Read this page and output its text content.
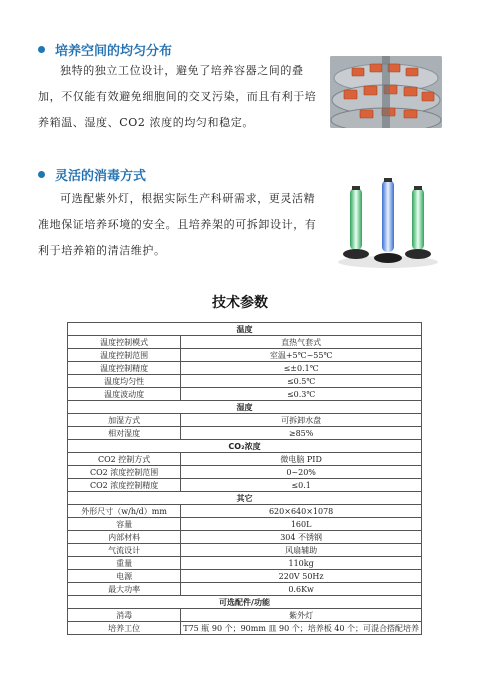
培养空间的均匀分布
独特的独立工位设计，避免了培养容器之间的叠加，不仅能有效避免细胞间的交叉污染，而且有利于培养箱温、湿度、CO2 浓度的均匀和稳定。
灵活的消毒方式
可选配紫外灯，根据实际生产科研需求，更灵活精准地保证培养环境的安全。且培养架的可拆卸设计，有利于培养箱的清洁维护。
技术参数
温度	
温度控制模式	直热气套式
温度控制范围	室温+5℃~55℃
温度控制精度	≤±0.1℃
温度均匀性	≤0.5℃
温度波动度	≤0.3℃
湿度	
加湿方式	可拆卸水盘
相对湿度	≥85%
CO₂浓度	
CO2 控制方式	微电脑 PID
CO2 浓度控制范围	0~20%
CO2 浓度控制精度	≤0.1
其它	
外形尺寸（w/h/d）mm	620×640×1078
容量	160L
内部材料	304 不锈钢
气流设计	风扇辅助
重量	110kg
电源	220V 50Hz
最大功率	0.6Kw
可选配件/功能	
消毒	紫外灯
培养工位	T75 瓶 90 个；90mm 皿 90 个；培养板 40 个；可混合搭配培养
